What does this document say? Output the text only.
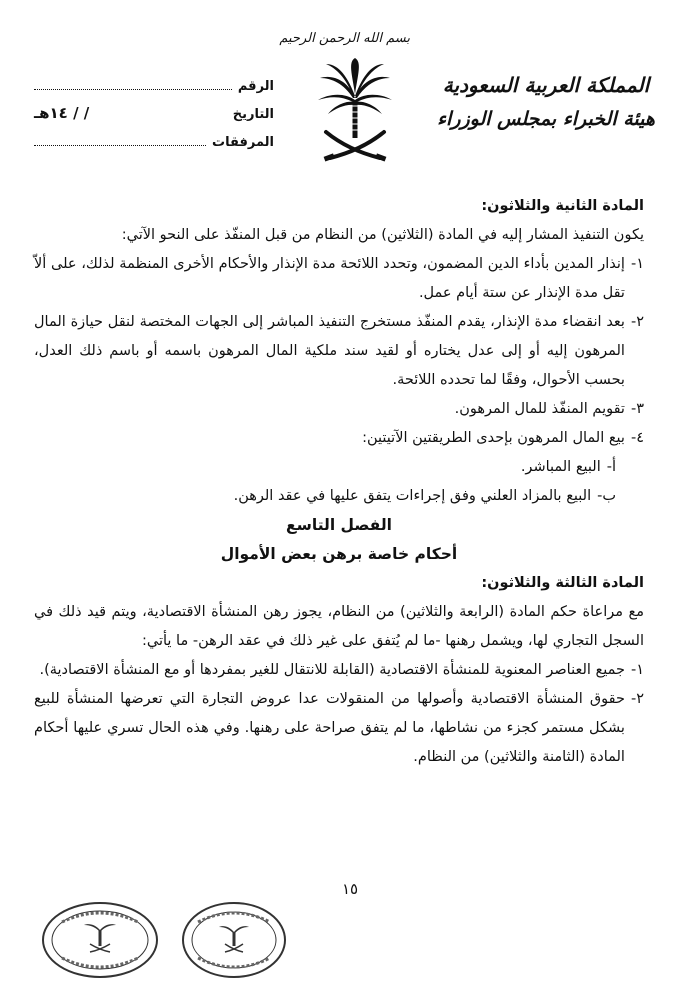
بسم الله الرحمن الرحيم
المملكة العربية السعودية
هيئة الخبراء بمجلس الوزراء
الرقم
التاريخ
/ / ١٤هـ
المرفقات

المادة الثانية والثلاثون:

يكون التنفيذ المشار إليه في المادة (الثلاثين) من النظام من قبل المنفّذ على النحو الآتي:

١-
إنذار المدين بأداء الدين المضمون، وتحدد اللائحة مدة الإنذار والأحكام الأخرى المنظمة لذلك، على ألاّ تقل مدة الإنذار عن ستة أيام عمل.
٢-
بعد انقضاء مدة الإنذار، يقدم المنفّذ مستخرج التنفيذ المباشر إلى الجهات المختصة لنقل حيازة المال المرهون إليه أو إلى عدل يختاره أو لقيد سند ملكية المال المرهون باسمه أو باسم ذلك العدل، بحسب الأحوال، وفقًا لما تحدده اللائحة.
٣-
تقويم المنفّذ للمال المرهون.
٤-
بيع المال المرهون بإحدى الطريقتين الآتيتين:
أ-
البيع المباشر.
ب-
البيع بالمزاد العلني وفق إجراءات يتفق عليها في عقد الرهن.

الفصل التاسع

أحكام خاصة برهن بعض الأموال

المادة الثالثة والثلاثون:

مع مراعاة حكم المادة (الرابعة والثلاثين) من النظام، يجوز رهن المنشأة الاقتصادية، ويتم قيد ذلك في السجل التجاري لها، ويشمل رهنها -ما لم يُتفق على غير ذلك في عقد الرهن- ما يأتي:

١-
جميع العناصر المعنوية للمنشأة الاقتصادية (القابلة للانتقال للغير بمفردها أو مع المنشأة الاقتصادية).
٢-
حقوق المنشأة الاقتصادية وأصولها من المنقولات عدا عروض التجارة التي تعرضها المنشأة للبيع بشكل مستمر كجزء من نشاطها، ما لم يتفق صراحة على رهنها. وفي هذه الحال تسري عليها أحكام المادة (الثامنة والثلاثين) من النظام.
١٥
